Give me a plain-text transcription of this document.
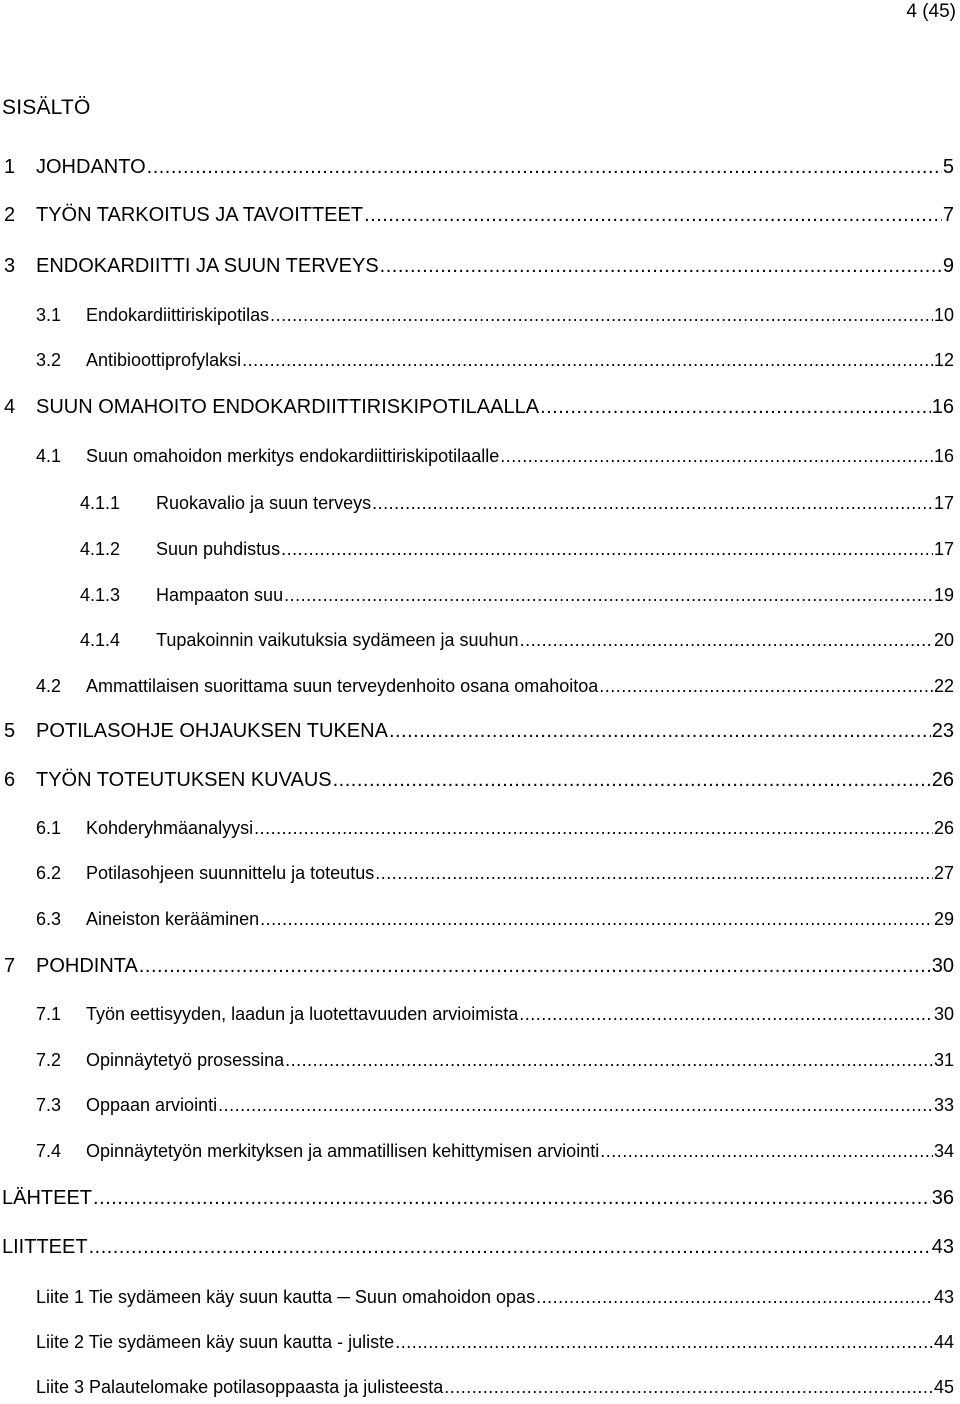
4 (45)
SISÄLTÖ
1	JOHDANTO .....	5
2	TYÖN TARKOITUS JA TAVOITTEET .....	7
3	ENDOKARDIITTI JA SUUN TERVEYS .....	9
3.1	Endokardiittiriskipotilas .....	10
3.2	Antibioottiprofylaksi .....	12
4	SUUN OMAHOITO ENDOKARDIITTIRISKIPOTILAALLA .....	16
4.1	Suun omahoidon merkitys endokardiittiriskipotilaalle .....	16
4.1.1	Ruokavalio ja suun terveys .....	17
4.1.2	Suun puhdistus .....	17
4.1.3	Hampaaton suu .....	19
4.1.4	Tupakoinnin vaikutuksia sydämeen ja suuhun .....	20
4.2	Ammattilaisen suorittama suun terveydenhoito osana omahoitoa .....	22
5	POTILASOHJE OHJAUKSEN TUKENA .....	23
6	TYÖN TOTEUTUKSEN KUVAUS .....	26
6.1	Kohderyhmäanalyysi .....	26
6.2	Potilasohjeen suunnittelu ja toteutus .....	27
6.3	Aineiston kerääminen .....	29
7	POHDINTA .....	30
7.1	Työn eettisyyden, laadun ja luotettavuuden arvioimista .....	30
7.2	Opinnäytetyö prosessina .....	31
7.3	Oppaan arviointi .....	33
7.4	Opinnäytetyön merkityksen ja ammatillisen kehittymisen arviointi .....	34
LÄHTEET .....	36
LIITTEET .....	43
Liite 1 Tie sydämeen käy suun kautta ─ Suun omahoidon opas .....	43
Liite 2 Tie sydämeen käy suun kautta - juliste .....	44
Liite 3 Palautelomake potilasoppaasta ja julisteesta .....	45
